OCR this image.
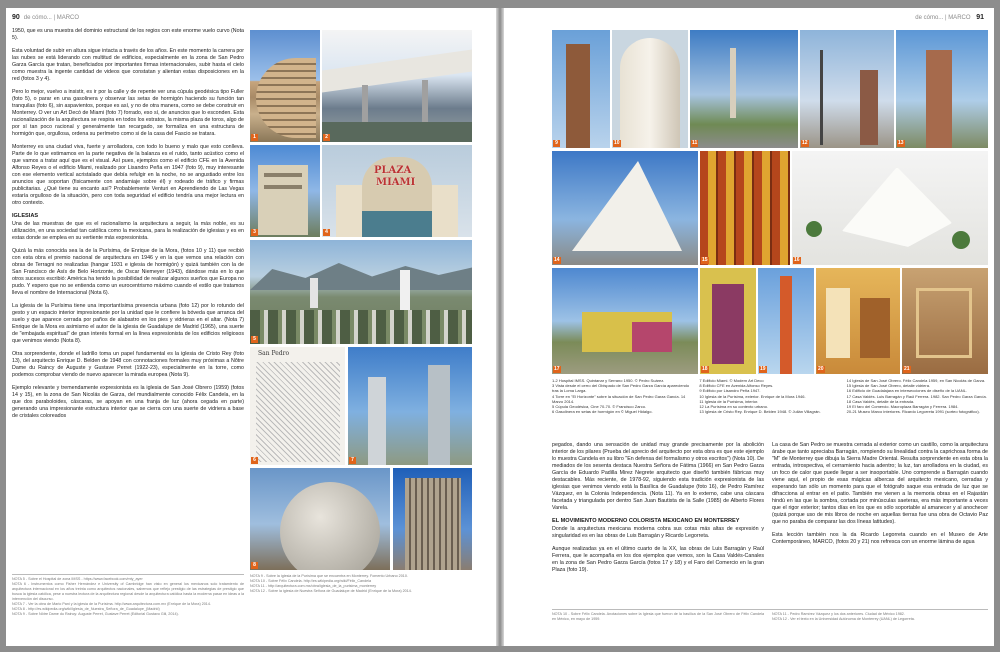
90 de cómo... | MARCO

1950, que es una muestra del dominio estructural de los regios con este enorme vuelo curvo (Nota 5).

Esta voluntad de subir en altura sigue intacta a través de los años. En este momento la carrera por las nubes se está liderando con multitud de edificios, especialmente en la zona de San Pedro Garza García que tratan, beneficiados por importantes firmas internacionales, subir hasta el cielo como muestra la ingente cantidad de videos que constatan y alientan estas disposiciones en la red (fotos 3 y 4).

Pero lo mejor, vuelvo a insistir, es ir por la calle y de repente ver una cúpula geodésica tipo Fuller (foto 5), o parar en una gasolinera y observar las setas de hormigón haciendo su función tan tranquilas (foto 6), sin aspavientos, porque es así, y no de otra manera, como se debe construir en Monterrey. O ver un Art Decó de Miami (foto 7) forrado, eso sí, de anuncios que lo esconden. Esta racionalización de la arquitectura se respira en todos los estratos, la misma plaza de toros, algo de por sí tan poco racional y generalmente tan recargado, se formaliza en una estructura de hormigón que, orgullosa, ordena su perímetro como si de la casa del Fascio se tratara.

Monterrey es una ciudad viva, fuerte y arrolladora, con todo lo bueno y malo que esto conlleva. Parte de lo que estimamos en la parte negativa de la balanza es el ruido, tanto acústico como el que vamos a tratar aquí que es el visual. Así pues, ejemplos como el edificio CFE en la Avenida Alfonso Reyes o el edificio Miami, realizado por Lisandro Peña en 1947 (foto 9), muy interesante con ese elemento vertical acristalado que debía refulgir en la noche, no se angustiado entre los anuncios que soportan (fisicamente con andamiaje sobre él) y rodeado de tráfico y firmas publicitarias. ¿Qué tiene su encanto así? Probablemente Venturi en Aprendiendo de Las Vegas estaría orgulloso de la situación, pero con toda seguridad el edificio tendría una mejor lectura en otro contexto.

IGLESIAS

Una de las muestras de que es el racionalismo la arquitectura a seguir, la más noble, es su utilización, en una sociedad tan católica como la mexicana, para la realización de iglesias y es en estas donde se emplea en su vertiente más expresionista.

Quizá la más conocida sea la de la Purísima, de Enrique de la Mora, (fotos 10 y 11) que recibió con esta obra el premio nacional de arquitectura en 1946 y en la que vemos una relación con obras de Terragni no realizadas (hangar 1931 e iglesia de hormigón) y quizá también con la de San Francisco de Asís de Belo Horizonte, de Oscar Niemeyer (1943), dándose más en lo que otros sucesos escribió: América ha tenido la posibilidad de realizar algunos sueños que Europa no pudo. Y espero que no se entienda como un eurocentrismo máximo cuando el estilo que tratamos lleva el nombre de Internacional (Nota 6).

La iglesia de la Purísima tiene una importantísima presencia urbana (foto 12) por lo rotundo del gesto y un espacio interior impresionante por la unidad que le confiere la bóveda que arranca del suelo y que aparece cerrada por paños de alabastro en los pies y vidrieras en el altar. (Nota 7) Enrique de la Mora es asimismo el autor de la iglesia de Guadalupe de Madrid (1965), una suerte de "embajada espiritual" de gran interés formal en la línea expresionista de los edificios religiosos que venimos viendo (Nota 8).

Otra sorprendente, donde el ladrillo toma un papel fundamental es la iglesia de Cristo Rey (foto 13), del arquitecto Enrique D. Belden de 1948 con connotaciones formales muy próximas a Nôtre Dame du Raincy de Auguste y Gustave Perret (1922-23), especialmente en la torre, como podemos comprobar viendo de nuevo aparecer la mirada europea (Nota 9).

Ejemplo relevante y tremendamente expresionista es la iglesia de San José Obrero (1959) (fotos 14 y 15), en la zona de San Nicolás de Garza, del mundialmente conocido Félix Candela, en la que dos paraboloides, cáscaras, se apoyan en una franja de luz (ahora cegada en parte) generando una impresionante estructura interior que se cierra con una suerte de vidriera a base de cristales coloreados

NOTA 5 - Sobre el Hospital de zona IMSS - https://www.facebook.com/mty_ayer
NOTA 6 - Instrumentos como Fisher Hernández e University of Cambridge han visto en general los mexicanos solo tratamiento de arquitectura internacional en los años treinta como arquitectos nacionales, sabemos que reflejo prestigio de las estrategias de prestigio que busca la iglesia católica, pese a nuestra lectura de la arquitectura regional desde la arquitectura católica hasta la moderna pasar en ideas a la intervención del discurso.
NOTA 7 - Ver la obra de Mario Pani y la iglesia de la Purísima. http://www.arquitectura.com.mx (Enrique de la Mora) 2014.
NOTA 8 - http://es.wikipedia.org/wiki/Iglesia_de_Nuestra_Señora_de_Guadalupe_(Madrid)
NOTA 9 - Sobre Nôtre Dame du Raincy: Auguste Perret, Gustave Perret (Editorial Gustavo Gili, 2014).
1	2
3
PLAZA
MIAMI
4
5
San Pedro
6	7
8
NOTA 9 - Sobre la iglesia de la Purísima que se encuentra en Monterrey. Fomento Urbano 2010.
NOTA 10 - Sobre Félix Candela. http://es.wikipedia.org/wiki/Félix_Candela
NOTA 11 - http://arquitectura.com.mx/obra/iglesia_de_la_purisima_monterrey
NOTA 12 - Sobre la iglesia de Nuestra Señora de Guadalupe de Madrid (Enrique de la Mora) 2014.
de cómo... | MARCO 91
9	10	11	12	13
14	15	16
17	18	19	20	21
1-2 Hospital IMSS. Quintanar y Serrano 1950. © Pedro Suárez.
3 Vista desde el cerro del Obispado de San Pedro Garza García apareciendo tras la Loma Larga.
4 Torre en "El Horizonte" sobre la situación de San Pedro Garza García. 14 Marzo 2014.
5 Cúpula Geodésica, Cine 70-70. © Francisco Zarco.
6 Gasolinera en setas de hormigón en © Miguel Hidalgo.
7 Edificio Miami. © Modern Art Deco
8 Edificio CFE en Avenida Alfonso Reyes.
9 Edificio por Lisandro Peña 1947.
10 Iglesia de la Purísima, exterior. Enrique de la Mora 1946.
11 Iglesia de la Purísima, interior.
12 La Purísima en su contexto urbano.
13 Iglesia de Cristo Rey. Enrique D. Belden 1948. © Julián Villagrán.
14 Iglesia de San José Obrero. Félix Candela 1959, en San Nicolás de Garza.
15 Iglesia de San José Obrero, detalle vidriera.
16 Edificio de Guadalajara en intersecciones de diseño de la UANL.
17 Casa Valdés. Luis Barragán y Raúl Ferrera. 1982. San Pedro Garza García.
18 Casa Valdés, detalle de la entrada.
19 El faro del Comercio. Macroplaza Barragán y Ferrera. 1984.
20-21 Museo Marco interiores. Ricardo Legorreta 1991 (sorteo fotográfico).

pegados, dando una sensación de unidad muy grande precisamente por la abolición interior de los pilares (Prueba del aprecio del arquitecto por esta obra es que este ejemplo lo muestra Candela en su libro "En defensa del formalismo y otros escritos") (Nota 10). De mediados de los sesenta destaca Nuestra Señora de Fátima (1966) en San Pedro Garza García de Eduardo Padilla Mirez Negrete arquitecto que diseñó también fábricas muy destacables. Más reciente, de 1978-92, siguiendo esta tradición expresionista de las iglesias que venimos viendo está la Basílica de Guadalupe (foto 16), de Pedro Ramírez Vázquez, en la Colonia Independencia. (Nota 11). Ya en lo externo, cabe una cáscara facetada y triangulada por dentro San Juan Bautista de la Salle (1985) de Alberto Flores Varela.

EL MOVIMIENTO MODERNO COLORISTA MEXICANO EN MONTERREY

Donde la arquitectura mexicana moderna cobra sus cotas más altas de expresión y singularidad es en las obras de Luis Barragán y Ricardo Legorreta.

Aunque realizadas ya en el último cuarto de la XX, las obras de Luis Barragán y Raúl Ferrera, que le acompaña en los dos ejemplos que vemos, son la Casa Valdés-Canales en la zona de San Pedro Garza García (fotos 17 y 18) y el Faro del Comercio en la gran Plaza (foto 19).

La casa de San Pedro se muestra cerrada al exterior como un castillo, como la arquitectura árabe que tanto apreciaba Barragán, rompiendo su linealidad contra la caprichosa forma de "M" de Monterrey que dibuja la Sierra Madre Oriental. Resulta sorprendente en esta obra la entrada, introspectiva, el cerramiento hacia adentro; la luz, tan arrolladora en la ciudad, es un foco de calor que puede llegar a ser insoportable. Uno comprende a Barragán cuando viene aquí, el propio de esas mágicas albercas del arquitecto mexicano, cerradas y esperando tan sólo un momento para que el fotógrafo saque esa entrada de luz que se difracciona al entrar en el patio. También me vienen a la memoria obras en el Rajastán hindú en las que la sombra, cortada por minúsculas saeteras, era más importante a veces que el rigor exterior; tantos días en los que es sólo soportable al amanecer y al anochecer (quizá porque uso de mis libros de noche en aquellas tierras fue una obra de Octavio Paz que no paraba de comparar las dos líneas latitudes).

Esta lección también nos la da Ricardo Legorreta cuando en el Museo de Arte Contemporáneo, MARCO, (fotos 20 y 21) nos refresca con un enorme lámina de agua

NOTA 10 - Sobre Félix Candela. Anotaciones sobre la Iglesia que fueron de la basílica de la San José Obrero de Félix Candela en México, en mayo de 1959.
NOTA 11 - Pedro Ramírez Vázquez y los dos anteriores. Ciudad de México 1982.
NOTA 12 - Ver el texto en la Universidad Autónoma de Monterrey (UANL) de Legorreta.
